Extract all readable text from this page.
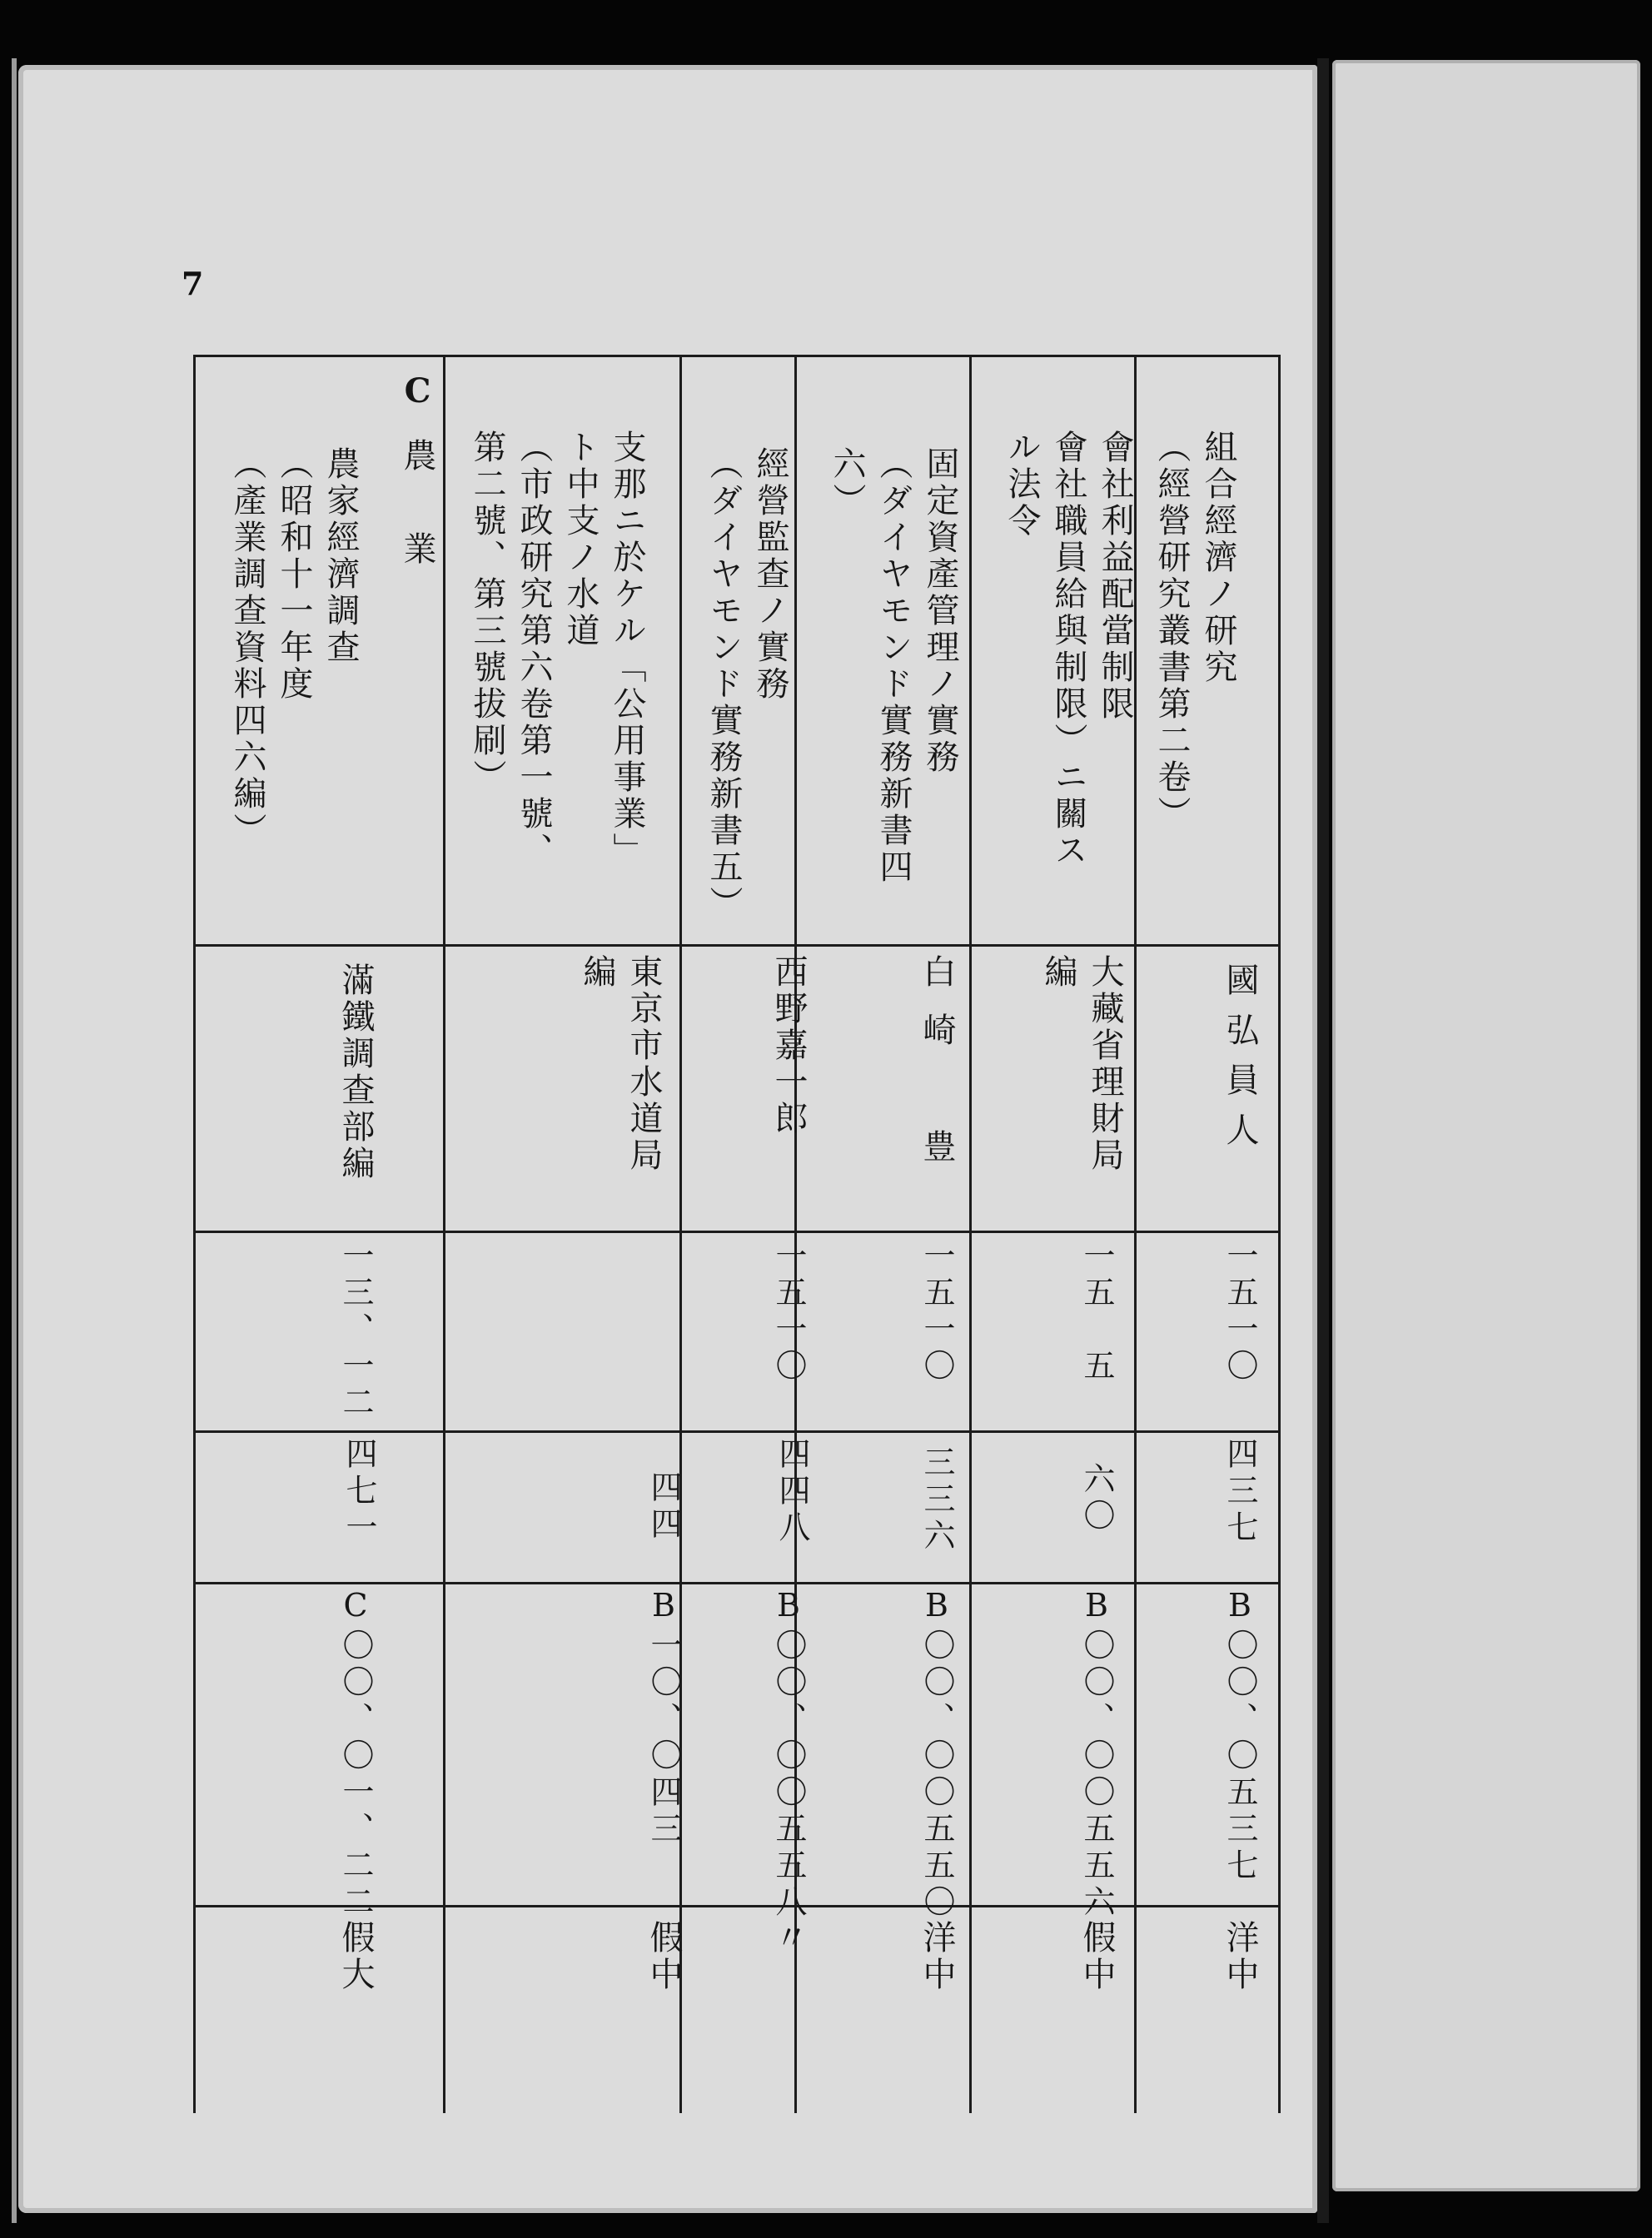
7
組合經濟ノ研究
（經營研究叢書第二卷）
國弘員人
一五一〇
四三七
B〇〇、〇五三七
洋中
會社利益配當制限
會社職員給與制限）ニ關ス
ル法令
大藏省理財局
編
一五　五
六〇
B〇〇、〇〇五五六
假中
固定資產管理ノ實務
（ダイヤモンド實務新書四
六）
白崎　豊
一五一〇
三三六
B〇〇、〇〇五五〇
洋中
經營監查ノ實務
（ダイヤモンド實務新書五）
西野嘉一郎
一五一〇
四四八
B〇〇、〇〇五五八
〃
支那ニ於ケル「公用事業」
ト中支ノ水道
（市政研究第六卷第一號、
第二號、第三號拔刷）
東京市水道局
編
四四
B一〇、〇四三
假中
C
農　業
農家經濟調查
（昭和十一年度
（產業調查資料四六編）
滿鐵調查部編
一三、一二
四七一
C〇〇、〇一、二二
假大
